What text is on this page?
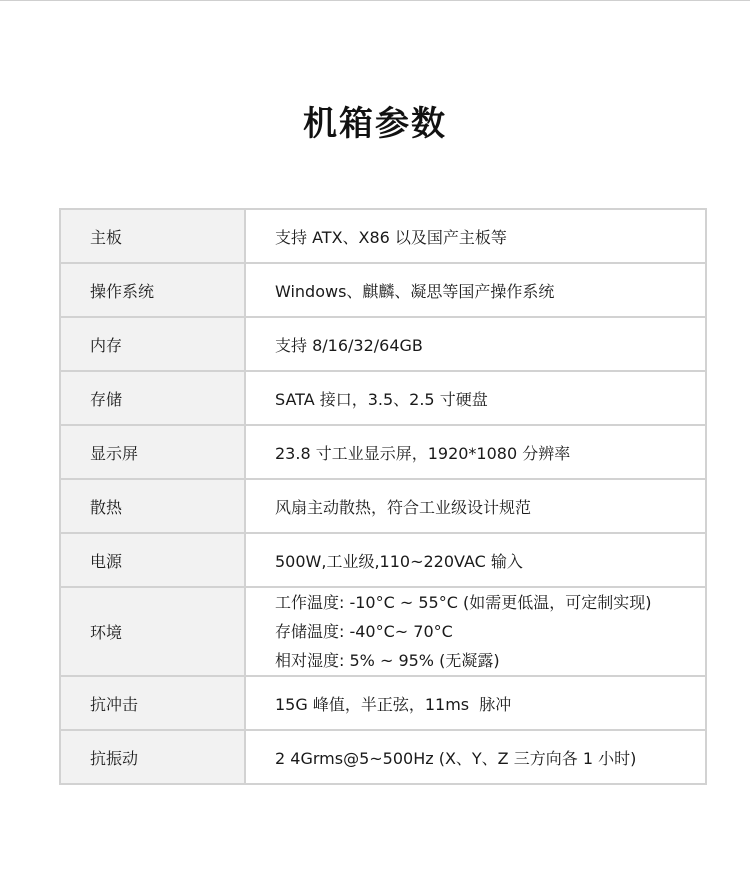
机箱参数
主板	支持 ATX、X86 以及国产主板等
操作系统	Windows、麒麟、凝思等国产操作系统
内存	支持 8/16/32/64GB
存储	SATA 接口，3.5、2.5 寸硬盘
显示屏	23.8 寸工业显示屏，1920*1080 分辨率
散热	风扇主动散热，符合工业级设计规范
电源	500W,工业级,110~220VAC 输入
环境	工作温度: -10°C ~ 55°C (如需更低温，可定制实现)
存储温度: -40°C~ 70°C
相对湿度: 5% ~ 95% (无凝露)

抗冲击	15G 峰值，半正弦，11ms  脉冲
抗振动	2 4Grms@5~500Hz (X、Y、Z 三方向各 1 小时)
